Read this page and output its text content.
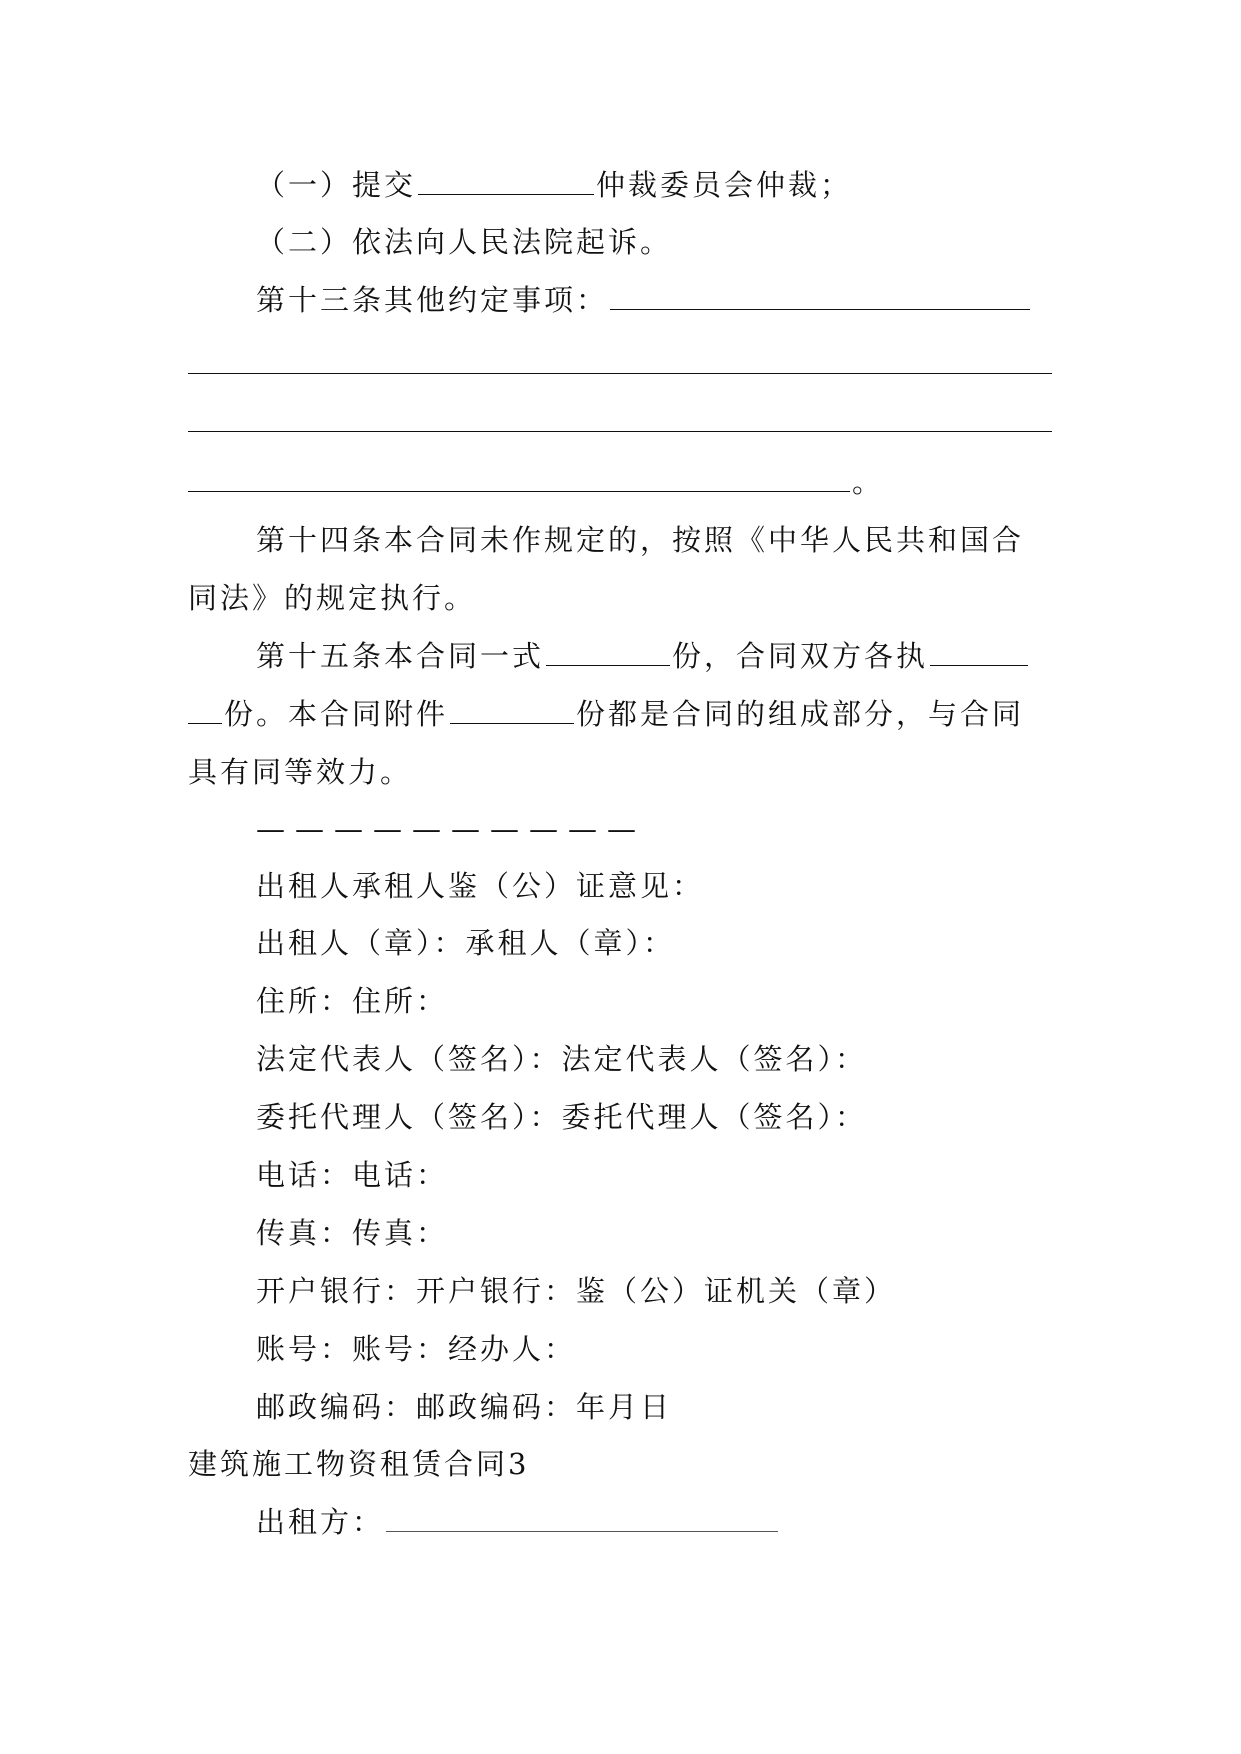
（一）提交	仲裁委员会仲裁；
（二）依法向人民法院起诉。
第十三条其他约定事项：
。
第十四条本合同未作规定的，按照《中华人民共和国合
同法》的规定执行。
第十五条本合同一式	份，合同双方各执
份。本合同附件	份都是合同的组成部分，与合同
具有同等效力。
——————————
出租人承租人鉴（公）证意见：
出租人（章）：承租人（章）：
住所：住所：
法定代表人（签名）：法定代表人（签名）：
委托代理人（签名）：委托代理人（签名）：
电话：电话：
传真：传真：
开户银行：开户银行：鉴（公）证机关（章）
账号：账号：经办人：
邮政编码：邮政编码：年月日
建筑施工物资租赁合同3
出租方：
